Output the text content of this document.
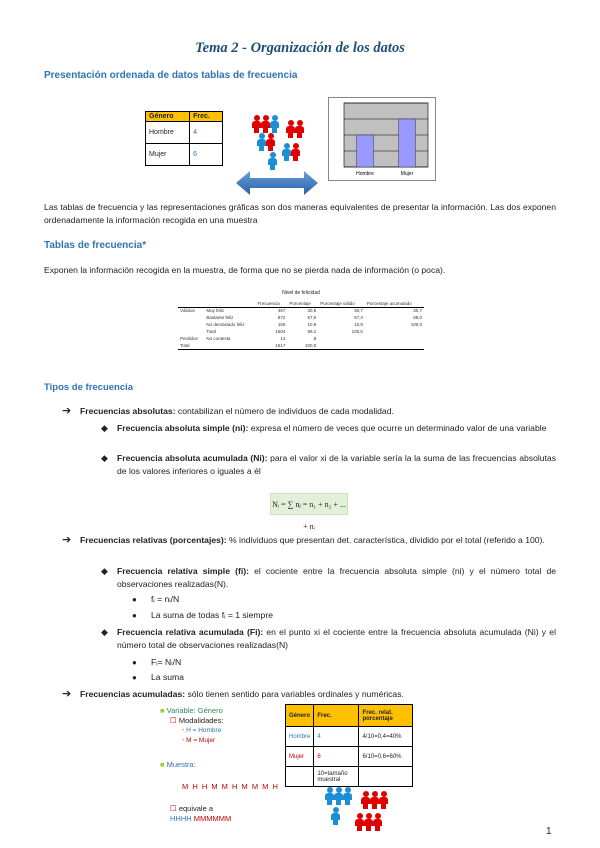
Tema 2 - Organización de los datos
Presentación ordenada de datos tablas de frecuencia
Género	Frec.
Hombre	4
Mujer	6
Hombre	Mujer
Las tablas de frecuencia y las representaciones gráficas son dos maneras equivalentes de presentar la información. Las dos exponen ordenadamente la información recogida en una muestra
Tablas de frecuencia*
Exponen la información recogida en la muestra, de forma que no se pierda nada de información (o poca).
Nivel de felicidad
		Frecuencia	Porcentaje	Porcentaje válido	Porcentaje acumulado
Válidos	Muy feliz	467	30,8	30,7	30,7
	Bastante feliz	872	57,5	57,3	88,0
	No demasiado feliz	165	10,9	10,9	100,0
	Total	1504	99,2	100,0	
Perdidos	No contesta	13	.8		
Total		1517	100,0		
Tipos de frecuencia
➔ Frecuencias absolutas: contabilizan el número de individuos de cada modalidad.
◆ Frecuencia absoluta simple (ni): expresa el número de veces que ocurre un determinado valor de una variable
◆ Frecuencia absoluta acumulada (Ni): para el valor xi de la variable sería la la suma de las frecuencias absolutas de los valores inferiores o iguales a él
Nᵢ = ∑ nⱼ = n₁ + n₂ + ... + nᵢ
➔ Frecuencias relativas (porcentajes): % individuos que presentan det. característica, dividido por el total (referido a 100).
◆ Frecuencia relativa simple (fi): el cociente entre la frecuencia absoluta simple (ni) y el número total de observaciones realizadas(N).
● fᵢ = nᵢ/N
● La suma de todas fᵢ = 1 siempre
◆ Frecuencia relativa acumulada (Fi): en el punto xi el cociente entre la frecuencia absoluta acumulada (Ni) y el número total de observaciones realizadas(N)
● Fᵢ= Nᵢ/N
● La suma
➔ Frecuencias acumuladas: sólo tienen sentido para variables ordinales y numéricas.
■ Variable: Género
☐ Modalidades:
• H = Hombre
• M = Mujer
■ Muestra:
M H H M M H M M M H
☐ equivale a
HHHH MMMMMM
Género	Frec.	Frec. relat. porcentaje
Hombre	4	4/10=0,4=40%
Mujer	6	6/10=0,6=60%
	10=tamaño muestral	
1
